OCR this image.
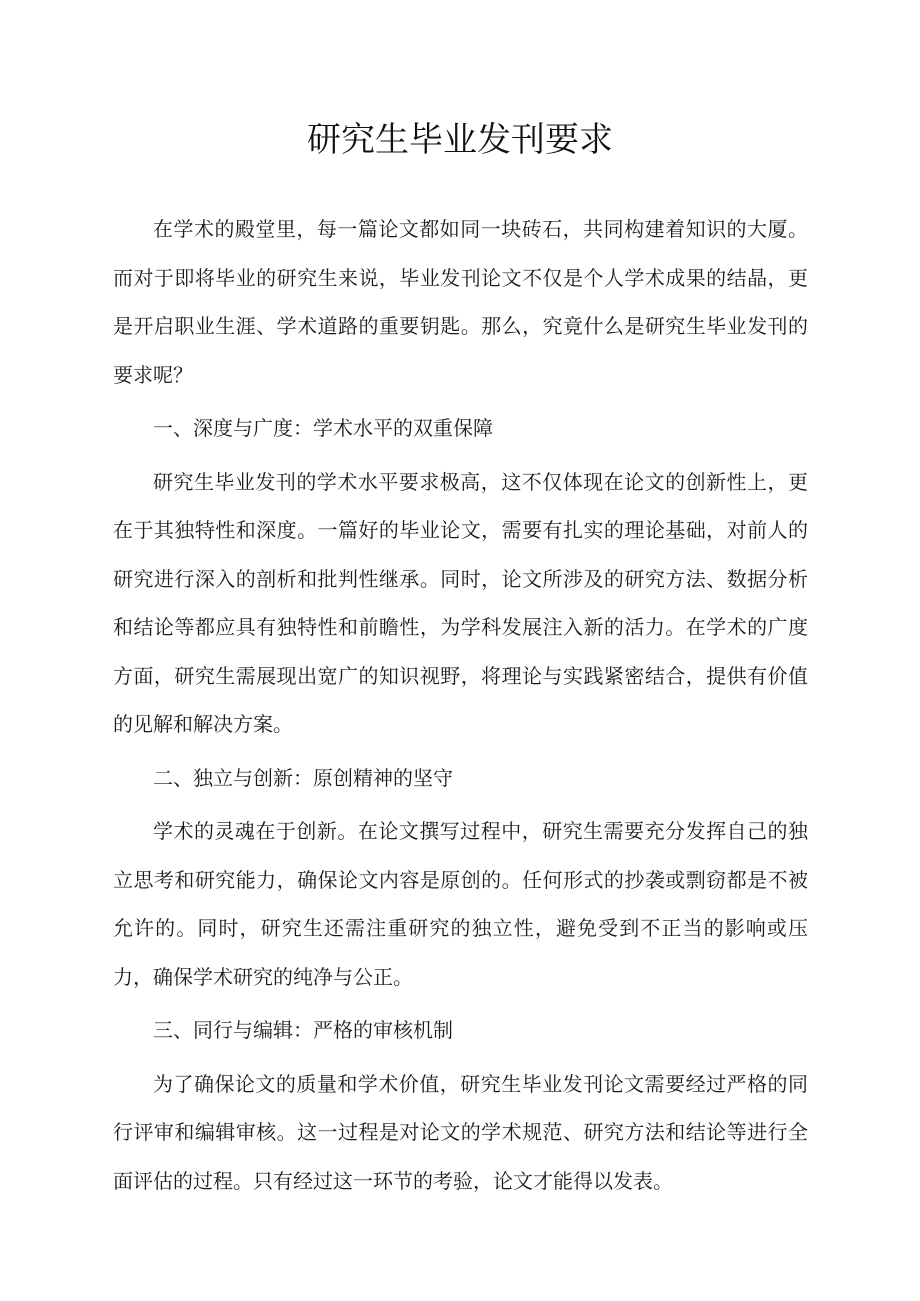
研究生毕业发刊要求

在学术的殿堂里，每一篇论文都如同一块砖石，共同构建着知识的大厦。而对于即将毕业的研究生来说，毕业发刊论文不仅是个人学术成果的结晶，更是开启职业生涯、学术道路的重要钥匙。那么，究竟什么是研究生毕业发刊的要求呢？

一、深度与广度：学术水平的双重保障

研究生毕业发刊的学术水平要求极高，这不仅体现在论文的创新性上，更在于其独特性和深度。一篇好的毕业论文，需要有扎实的理论基础，对前人的研究进行深入的剖析和批判性继承。同时，论文所涉及的研究方法、数据分析和结论等都应具有独特性和前瞻性，为学科发展注入新的活力。在学术的广度方面，研究生需展现出宽广的知识视野，将理论与实践紧密结合，提供有价值的见解和解决方案。

二、独立与创新：原创精神的坚守

学术的灵魂在于创新。在论文撰写过程中，研究生需要充分发挥自己的独立思考和研究能力，确保论文内容是原创的。任何形式的抄袭或剽窃都是不被允许的。同时，研究生还需注重研究的独立性，避免受到不正当的影响或压力，确保学术研究的纯净与公正。

三、同行与编辑：严格的审核机制

为了确保论文的质量和学术价值，研究生毕业发刊论文需要经过严格的同行评审和编辑审核。这一过程是对论文的学术规范、研究方法和结论等进行全面评估的过程。只有经过这一环节的考验，论文才能得以发表。
